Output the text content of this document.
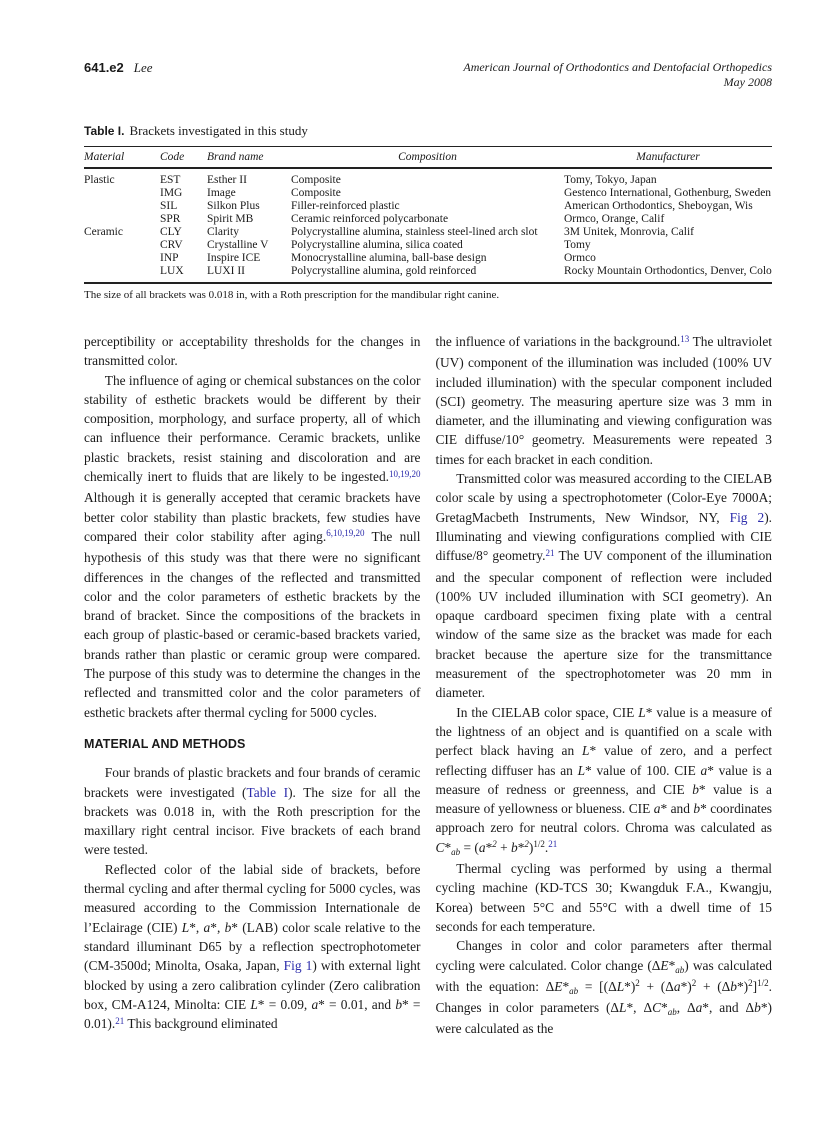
641.e2 Lee	American Journal of Orthodontics and Dentofacial Orthopedics
May 2008
Table I. Brackets investigated in this study
Material	Code	Brand name	Composition	Manufacturer
Plastic	EST	Esther II	Composite	Tomy, Tokyo, Japan
	IMG	Image	Composite	Gestenco International, Gothenburg, Sweden
	SIL	Silkon Plus	Filler-reinforced plastic	American Orthodontics, Sheboygan, Wis
	SPR	Spirit MB	Ceramic reinforced polycarbonate	Ormco, Orange, Calif
Ceramic	CLY	Clarity	Polycrystalline alumina, stainless steel-lined arch slot	3M Unitek, Monrovia, Calif
	CRV	Crystalline V	Polycrystalline alumina, silica coated	Tomy
	INP	Inspire ICE	Monocrystalline alumina, ball-base design	Ormco
	LUX	LUXI II	Polycrystalline alumina, gold reinforced	Rocky Mountain Orthodontics, Denver, Colo
The size of all brackets was 0.018 in, with a Roth prescription for the mandibular right canine.

perceptibility or acceptability thresholds for the changes in transmitted color.

The influence of aging or chemical substances on the color stability of esthetic brackets would be different by their composition, morphology, and surface property, all of which can influence their performance. Ceramic brackets, unlike plastic brackets, resist staining and discoloration and are chemically inert to fluids that are likely to be ingested.$^{10,19,20}$ Although it is generally accepted that ceramic brackets have better color stability than plastic brackets, few studies have compared their color stability after aging.$^{6,10,19,20}$ The null hypothesis of this study was that there were no significant differences in the changes of the reflected and transmitted color and the color parameters of esthetic brackets by the brand of bracket. Since the compositions of the brackets in each group of plastic-based or ceramic-based brackets varied, brands rather than plastic or ceramic group were compared. The purpose of this study was to determine the changes in the reflected and transmitted color and the color parameters of esthetic brackets after thermal cycling for 5000 cycles.

MATERIAL AND METHODS

Four brands of plastic brackets and four brands of ceramic brackets were investigated (Table I). The size for all the brackets was 0.018 in, with the Roth prescription for the maxillary right central incisor. Five brackets of each brand were tested.

Reflected color of the labial side of brackets, before thermal cycling and after thermal cycling for 5000 cycles, was measured according to the Commission Internationale de l’Eclairage (CIE) L*, a*, b* (LAB) color scale relative to the standard illuminant D65 by a reflection spectrophotometer (CM-3500d; Minolta, Osaka, Japan, Fig 1) with external light blocked by using a zero calibration cylinder (Zero calibration box, CM-A124, Minolta: CIE L* = 0.09, a* = 0.01, and b* = 0.01).$^{21}$ This background eliminated

the influence of variations in the background.$^{13}$ The ultraviolet (UV) component of the illumination was included (100% UV included illumination) with the specular component included (SCI) geometry. The measuring aperture size was 3 mm in diameter, and the illuminating and viewing configuration was CIE diffuse/10° geometry. Measurements were repeated 3 times for each bracket in each condition.

Transmitted color was measured according to the CIELAB color scale by using a spectrophotometer (Color-Eye 7000A; GretagMacbeth Instruments, New Windsor, NY, Fig 2). Illuminating and viewing configurations complied with CIE diffuse/8° geometry.$^{21}$ The UV component of the illumination and the specular component of reflection were included (100% UV included illumination with SCI geometry). An opaque cardboard specimen fixing plate with a central window of the same size as the bracket was made for each bracket because the aperture size for the transmittance measurement of the spectrophotometer was 20 mm in diameter.

In the CIELAB color space, CIE L* value is a measure of the lightness of an object and is quantified on a scale with perfect black having an L* value of zero, and a perfect reflecting diffuser has an L* value of 100. CIE a* value is a measure of redness or greenness, and CIE b* value is a measure of yellowness or blueness. CIE a* and b* coordinates approach zero for neutral colors. Chroma was calculated as $C*_{ab} = (a*^2 + b*^2)^{1/2}.^{21}$

Thermal cycling was performed by using a thermal cycling machine (KD-TCS 30; Kwangduk F.A., Kwangju, Korea) between 5°C and 55°C with a dwell time of 15 seconds for each temperature.

Changes in color and color parameters after thermal cycling were calculated. Color change $(\Delta E*_{ab})$ was calculated with the equation: $\Delta E*_{ab} = [(\Delta L*)^2 + (\Delta a*)^2 + (\Delta b*)^2]^{1/2}$. Changes in color parameters (ΔL*, $\Delta C*_{ab}$, Δa*, and Δb*) were calculated as the
